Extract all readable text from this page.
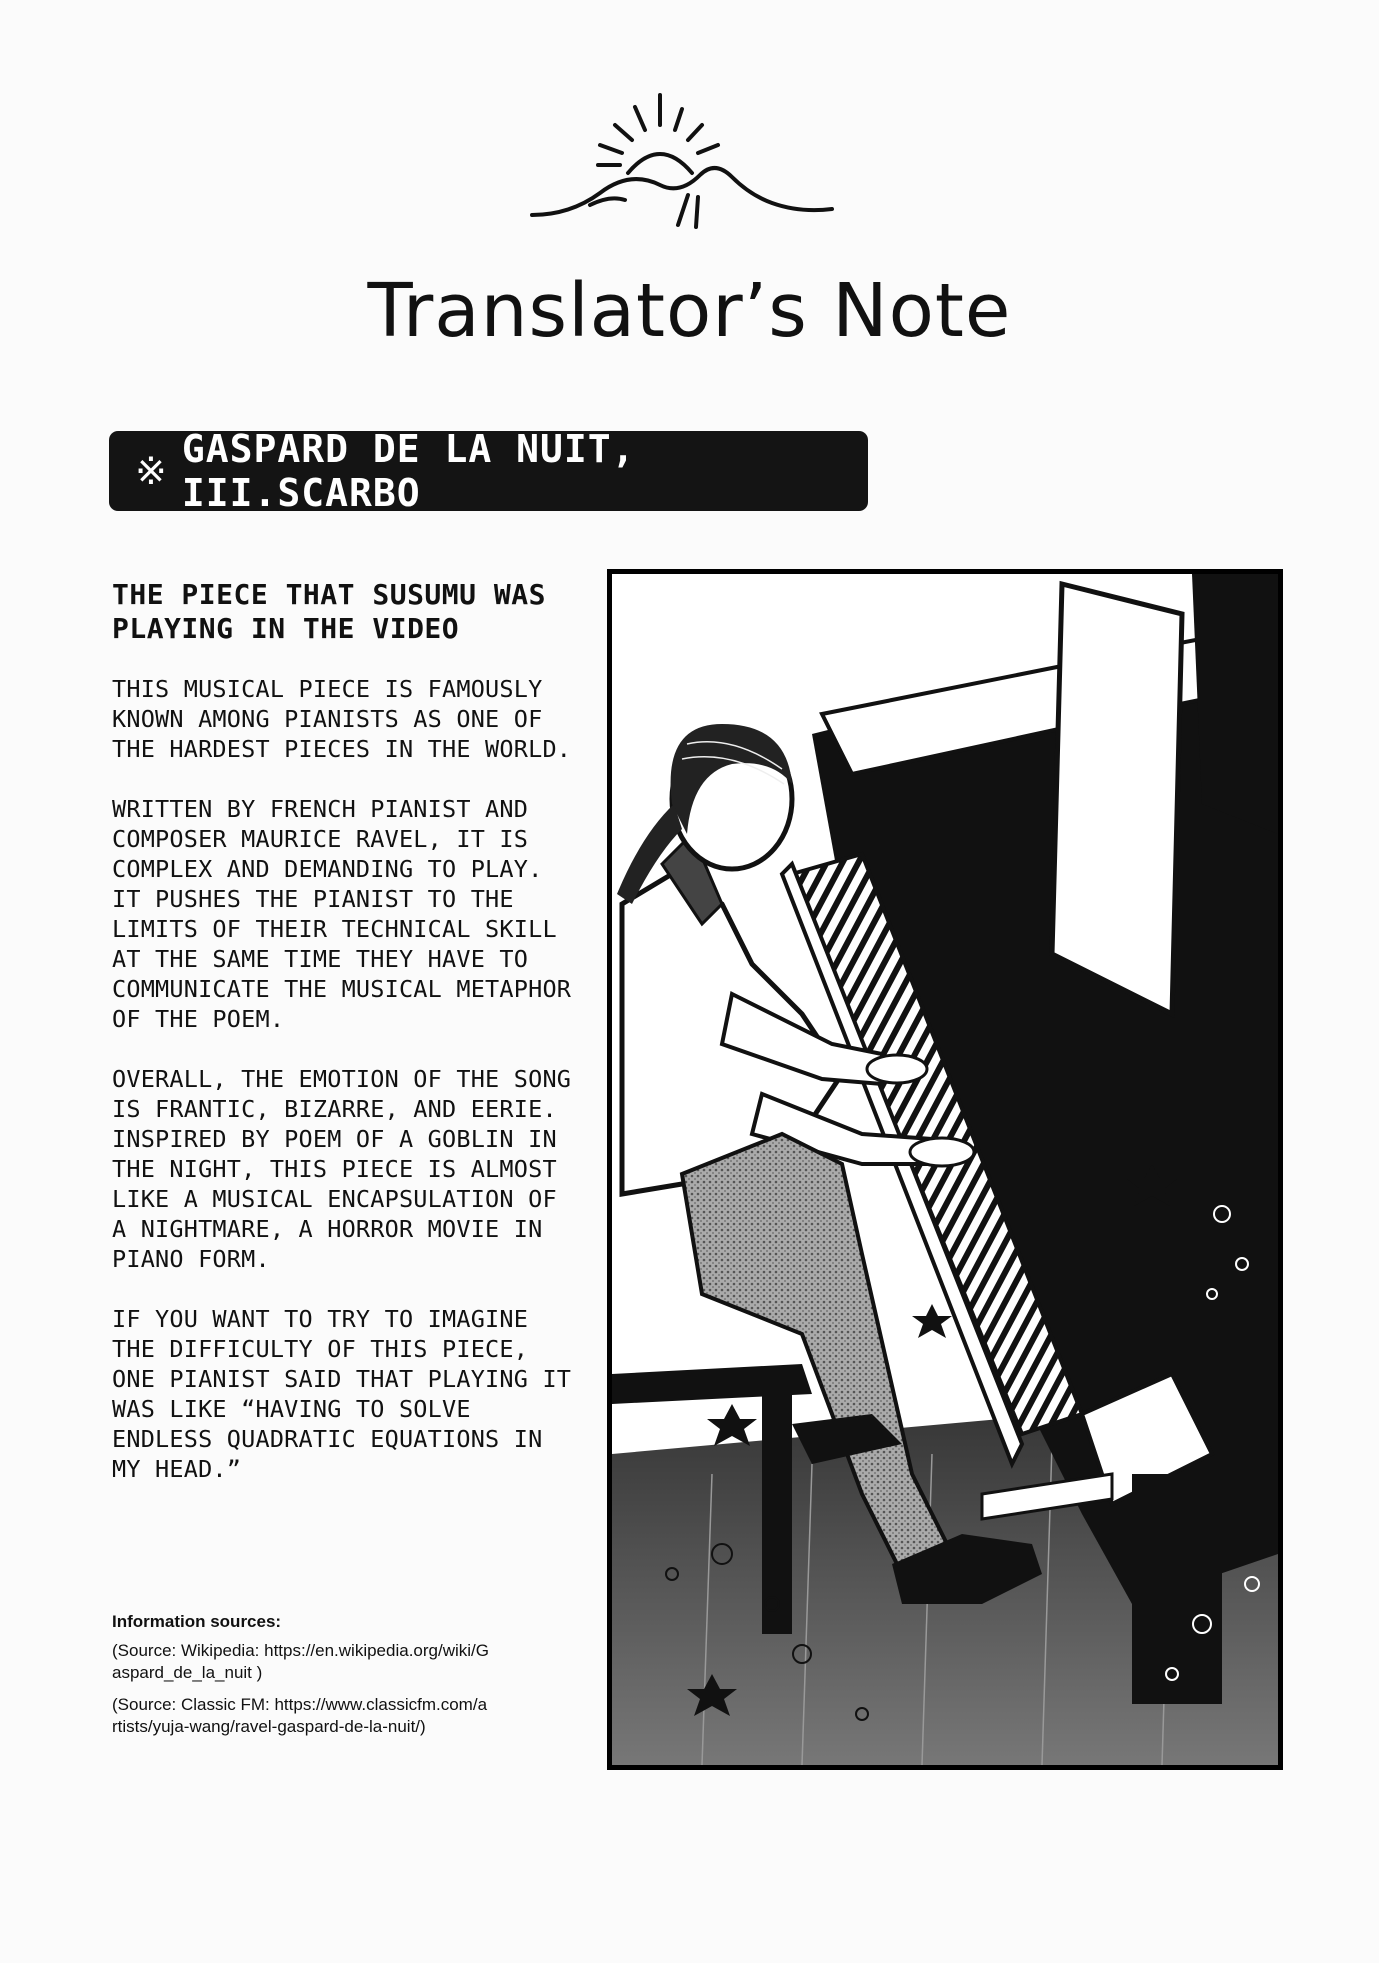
Translator’s Note
※ GASPARD DE LA NUIT, III.SCARBO

THE PIECE THAT SUSUMU WAS PLAYING IN THE VIDEO

THIS MUSICAL PIECE IS FAMOUSLY KNOWN AMONG PIANISTS AS ONE OF THE HARDEST PIECES IN THE WORLD.

WRITTEN BY FRENCH PIANIST AND COMPOSER MAURICE RAVEL, IT IS COMPLEX AND DEMANDING TO PLAY. IT PUSHES THE PIANIST TO THE LIMITS OF THEIR TECHNICAL SKILL AT THE SAME TIME THEY HAVE TO COMMUNICATE THE MUSICAL METAPHOR OF THE POEM.

OVERALL, THE EMOTION OF THE SONG IS FRANTIC, BIZARRE, AND EERIE. INSPIRED BY POEM OF A GOBLIN IN THE NIGHT, THIS PIECE IS ALMOST LIKE A MUSICAL ENCAPSULATION OF A NIGHTMARE, A HORROR MOVIE IN PIANO FORM.

IF YOU WANT TO TRY TO IMAGINE THE DIFFICULTY OF THIS PIECE, ONE PIANIST SAID THAT PLAYING IT WAS LIKE “HAVING TO SOLVE ENDLESS QUADRATIC EQUATIONS IN MY HEAD.”

Information sources:

(Source: Wikipedia: https://en.wikipedia.org/wiki/Gaspard_de_la_nuit )

(Source: Classic FM: https://www.classicfm.com/artists/yuja-wang/ravel-gaspard-de-la-nuit/)
